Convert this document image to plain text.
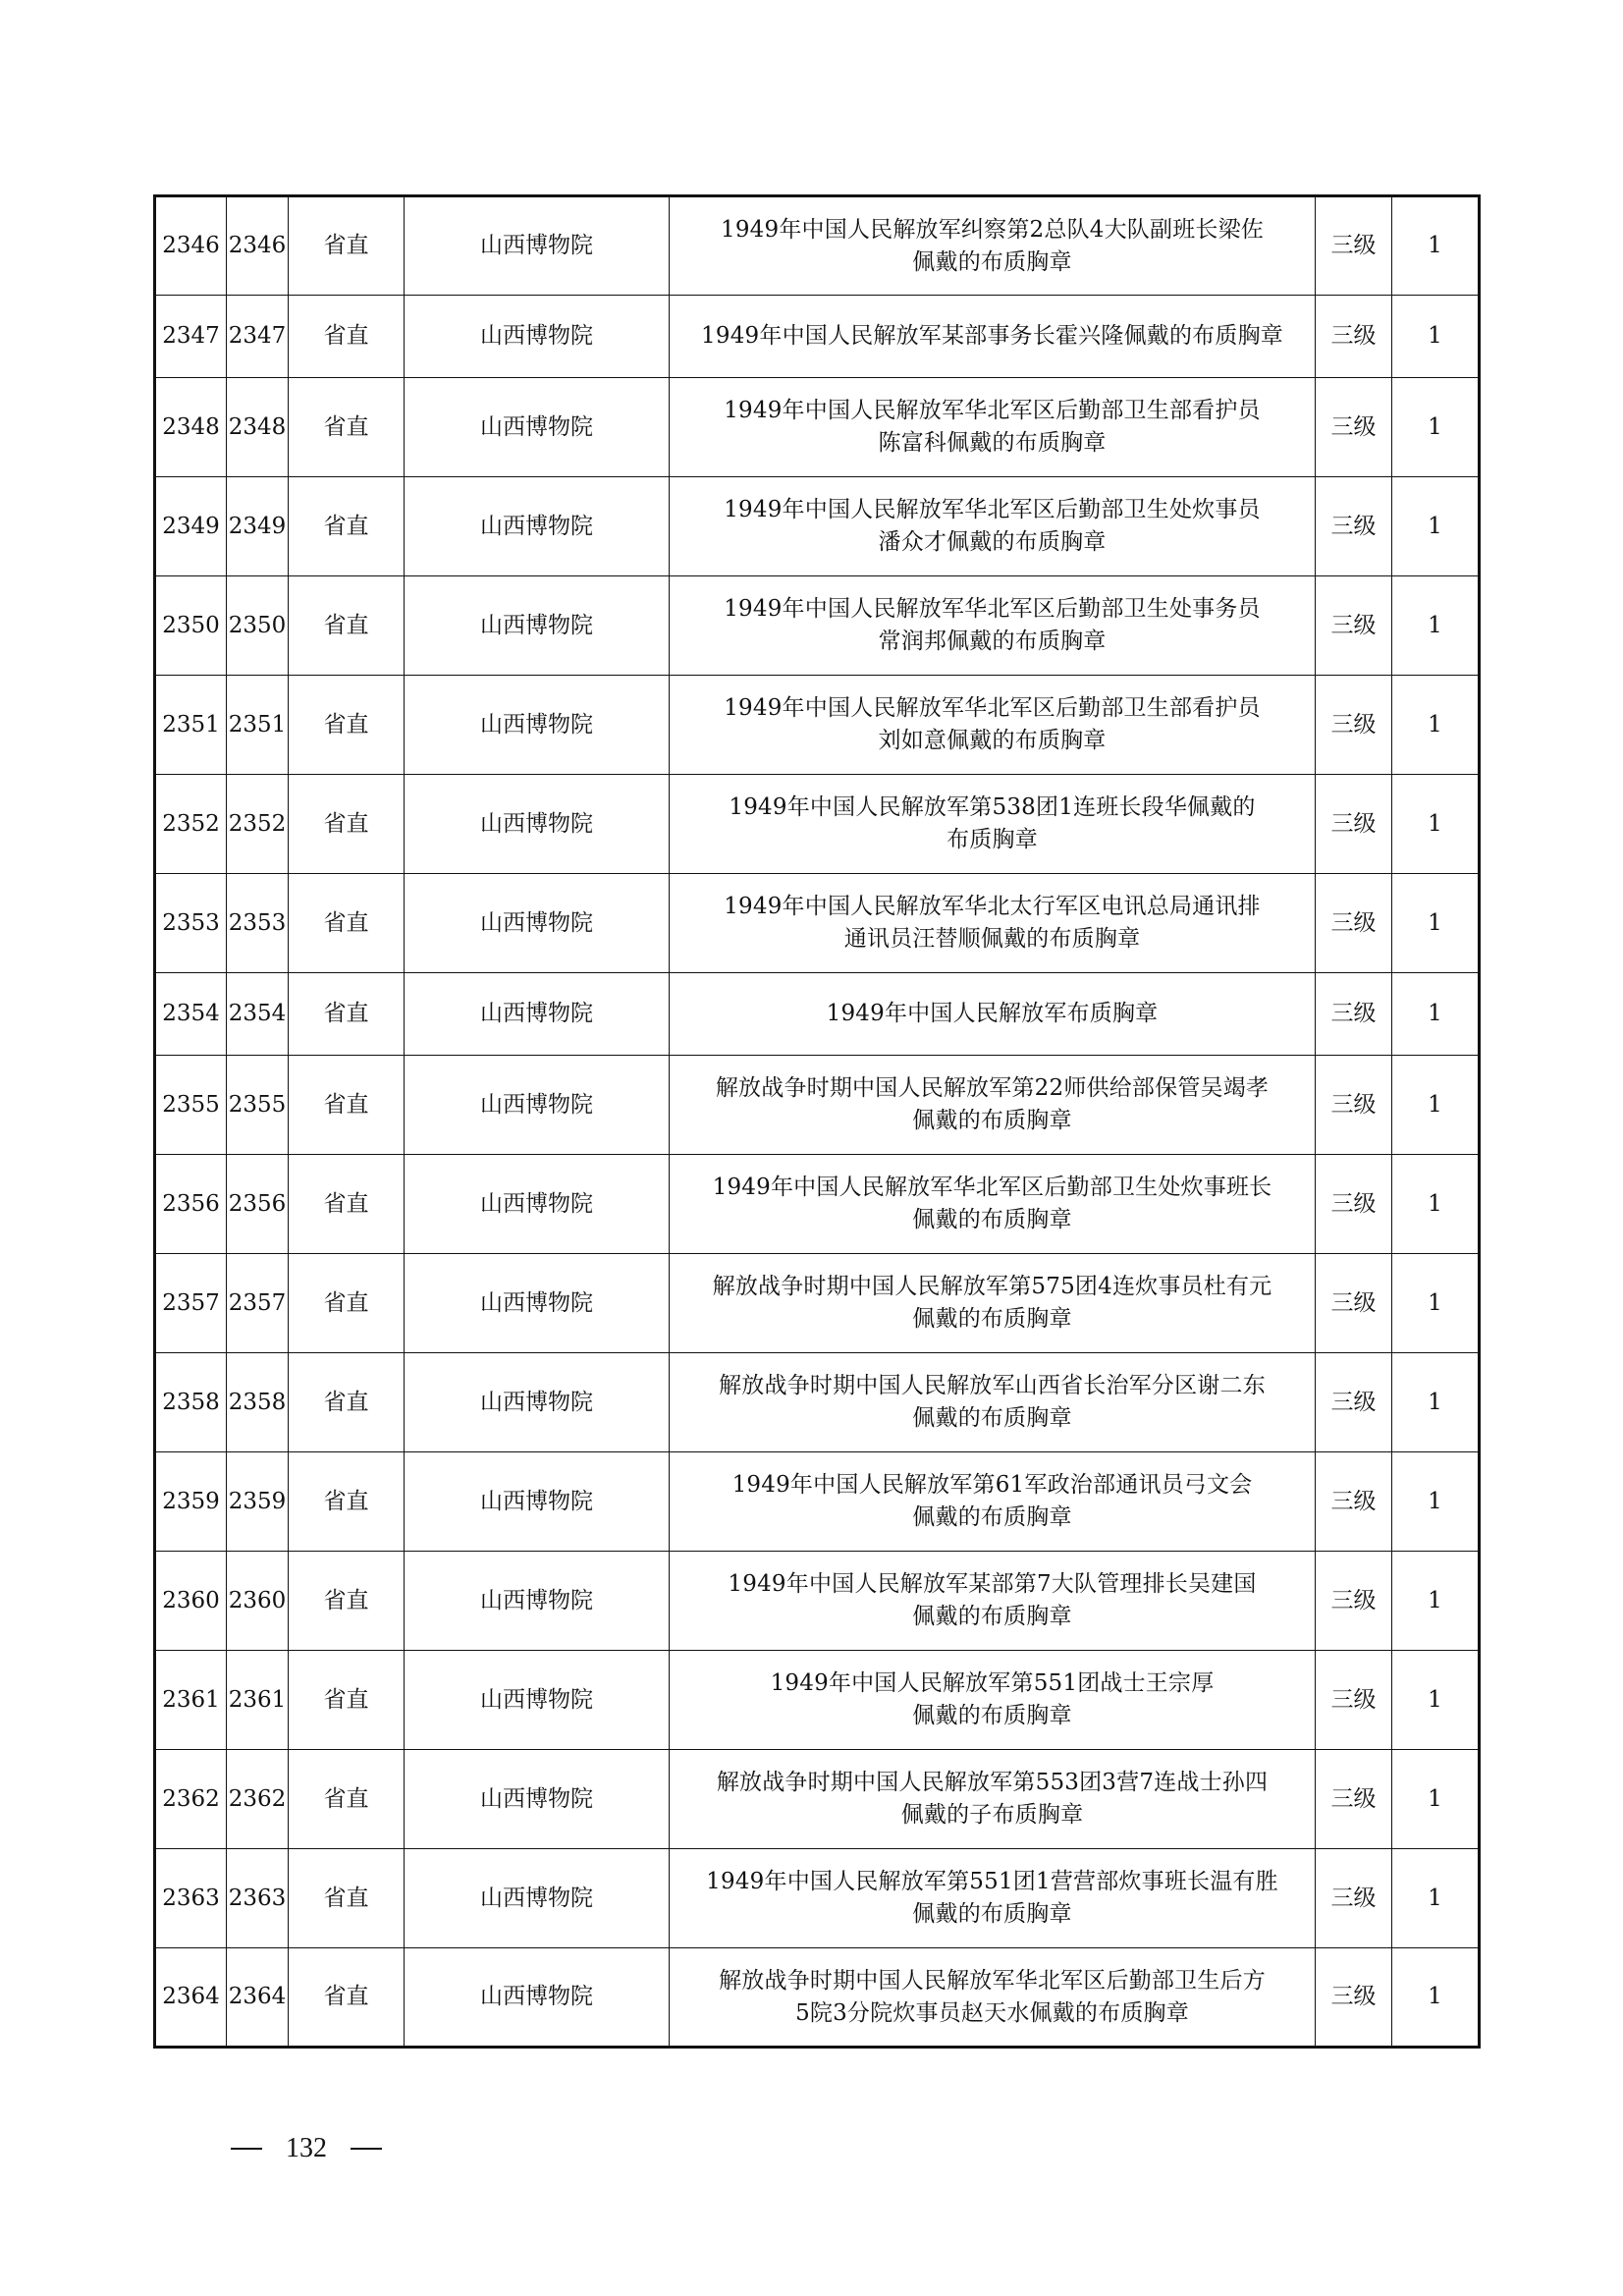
2346	2346	省直	山西博物院	1949年中国人民解放军纠察第2总队4大队副班长梁佐
佩戴的布质胸章	三级	1
2347	2347	省直	山西博物院	1949年中国人民解放军某部事务长霍兴隆佩戴的布质胸章	三级	1
2348	2348	省直	山西博物院	1949年中国人民解放军华北军区后勤部卫生部看护员
陈富科佩戴的布质胸章	三级	1
2349	2349	省直	山西博物院	1949年中国人民解放军华北军区后勤部卫生处炊事员
潘众才佩戴的布质胸章	三级	1
2350	2350	省直	山西博物院	1949年中国人民解放军华北军区后勤部卫生处事务员
常润邦佩戴的布质胸章	三级	1
2351	2351	省直	山西博物院	1949年中国人民解放军华北军区后勤部卫生部看护员
刘如意佩戴的布质胸章	三级	1
2352	2352	省直	山西博物院	1949年中国人民解放军第538团1连班长段华佩戴的
布质胸章	三级	1
2353	2353	省直	山西博物院	1949年中国人民解放军华北太行军区电讯总局通讯排
通讯员汪替顺佩戴的布质胸章	三级	1
2354	2354	省直	山西博物院	1949年中国人民解放军布质胸章	三级	1
2355	2355	省直	山西博物院	解放战争时期中国人民解放军第22师供给部保管吴竭孝
佩戴的布质胸章	三级	1
2356	2356	省直	山西博物院	1949年中国人民解放军华北军区后勤部卫生处炊事班长
佩戴的布质胸章	三级	1
2357	2357	省直	山西博物院	解放战争时期中国人民解放军第575团4连炊事员杜有元
佩戴的布质胸章	三级	1
2358	2358	省直	山西博物院	解放战争时期中国人民解放军山西省长治军分区谢二东
佩戴的布质胸章	三级	1
2359	2359	省直	山西博物院	1949年中国人民解放军第61军政治部通讯员弓文会
佩戴的布质胸章	三级	1
2360	2360	省直	山西博物院	1949年中国人民解放军某部第7大队管理排长吴建国
佩戴的布质胸章	三级	1
2361	2361	省直	山西博物院	1949年中国人民解放军第551团战士王宗厚
佩戴的布质胸章	三级	1
2362	2362	省直	山西博物院	解放战争时期中国人民解放军第553团3营7连战士孙四
佩戴的子布质胸章	三级	1
2363	2363	省直	山西博物院	1949年中国人民解放军第551团1营营部炊事班长温有胜
佩戴的布质胸章	三级	1
2364	2364	省直	山西博物院	解放战争时期中国人民解放军华北军区后勤部卫生后方
5院3分院炊事员赵天水佩戴的布质胸章	三级	1
132
